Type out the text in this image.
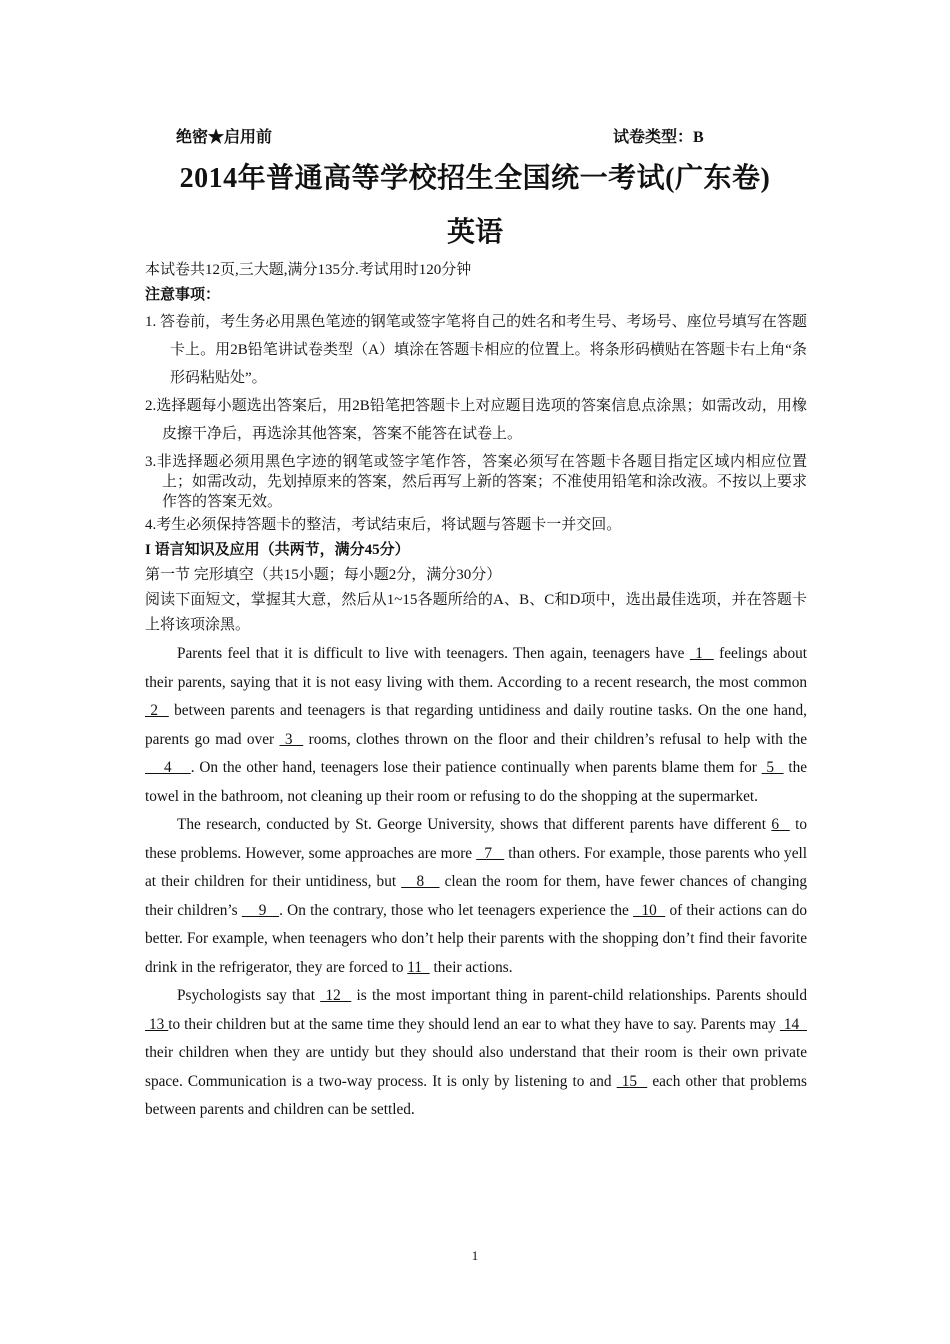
绝密★启用前	试卷类型：B
2014年普通高等学校招生全国统一考试(广东卷)
英语
本试卷共12页,三大题,满分135分.考试用时120分钟
注意事项：
1. 答卷前，考生务必用黑色笔迹的钢笔或签字笔将自己的姓名和考生号、考场号、座位号填写在答题卡上。用2B铅笔讲试卷类型（A）填涂在答题卡相应的位置上。将条形码横贴在答题卡右上角“条形码粘贴处”。
2.选择题每小题选出答案后，用2B铅笔把答题卡上对应题目选项的答案信息点涂黑；如需改动，用橡皮擦干净后，再选涂其他答案，答案不能答在试卷上。
3.非选择题必须用黑色字迹的钢笔或签字笔作答，答案必须写在答题卡各题目指定区域内相应位置上；如需改动，先划掉原来的答案，然后再写上新的答案；不准使用铅笔和涂改液。不按以上要求作答的答案无效。
4.考生必须保持答题卡的整洁，考试结束后，将试题与答题卡一并交回。
I 语言知识及应用（共两节，满分45分）
第一节 完形填空（共15小题；每小题2分，满分30分）
阅读下面短文，掌握其大意，然后从1~15各题所给的A、B、C和D项中，选出最佳选项，并在答题卡上将该项涂黑。

Parents feel that it is difficult to live with teenagers. Then again, teenagers have  1   feelings about their parents, saying that it is not easy living with them. According to a recent research, the most common  2   between parents and teenagers is that regarding untidiness and daily routine tasks. On the one hand, parents go mad over  3   rooms, clothes thrown on the floor and their children’s refusal to help with the     4    . On the other hand, teenagers lose their patience continually when parents blame them for  5   the towel in the bathroom, not cleaning up their room or refusing to do the shopping at the supermarket.

The research, conducted by St. George University, shows that different parents have different 6   to these problems. However, some approaches are more   7    than others. For example, those parents who yell at their children for their untidiness, but    8    clean the room for them, have fewer chances of changing their children’s     9   . On the contrary, those who let teenagers experience the   10   of their actions can do better. For example, when teenagers who don’t help their parents with the shopping don’t find their favorite drink in the refrigerator, they are forced to 11   their actions.

Psychologists say that  12   is the most important thing in parent-child relationships. Parents should  13 to their children but at the same time they should lend an ear to what they have to say. Parents may  14   their children when they are untidy but they should also understand that their room is their own private space. Communication is a two-way process. It is only by listening to and  15   each other that problems between parents and children can be settled.

1
